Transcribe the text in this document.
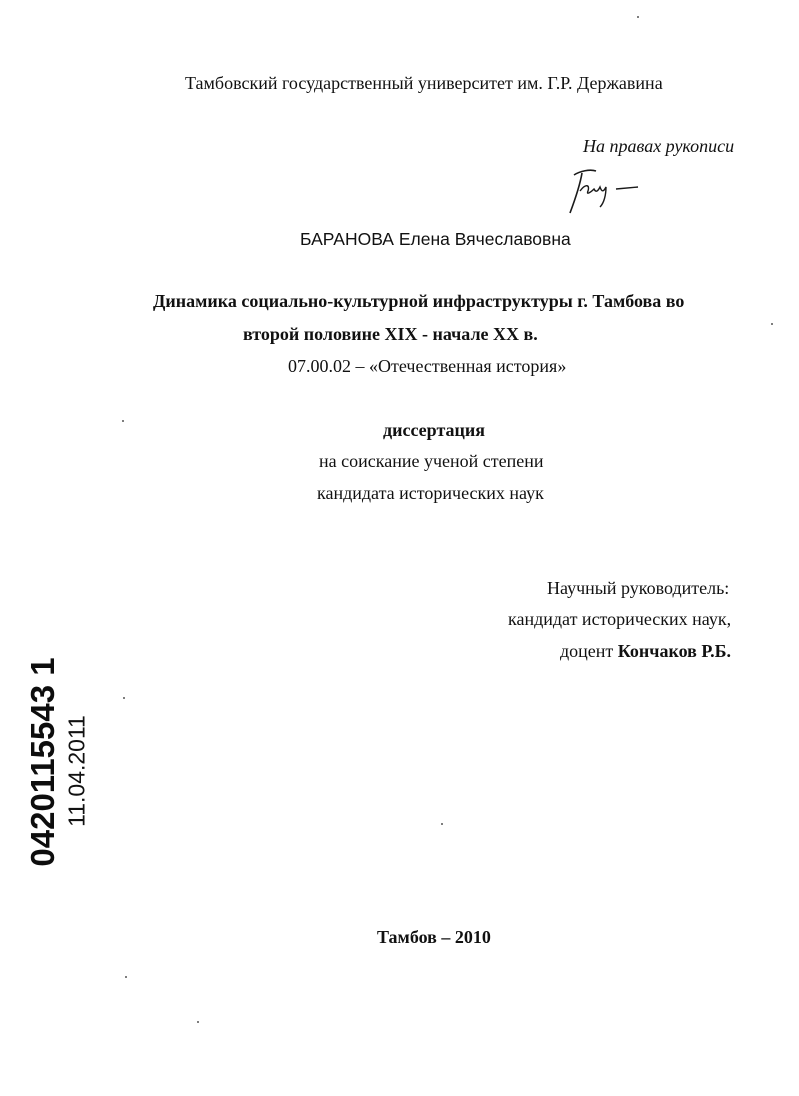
Тамбовский государственный университет им. Г.Р. Державина
На правах рукописи
БАРАНОВА Елена Вячеславовна
Динамика социально-культурной инфраструктуры г. Тамбова во
второй половине XIX - начале XX в.
07.00.02 – «Отечественная история»
диссертация
на соискание ученой степени
кандидата исторических наук
Научный руководитель:
кандидат исторических наук,
доцент Кончаков Р.Б.
Тамбов – 2010
0420115543 1 11.04.2011
